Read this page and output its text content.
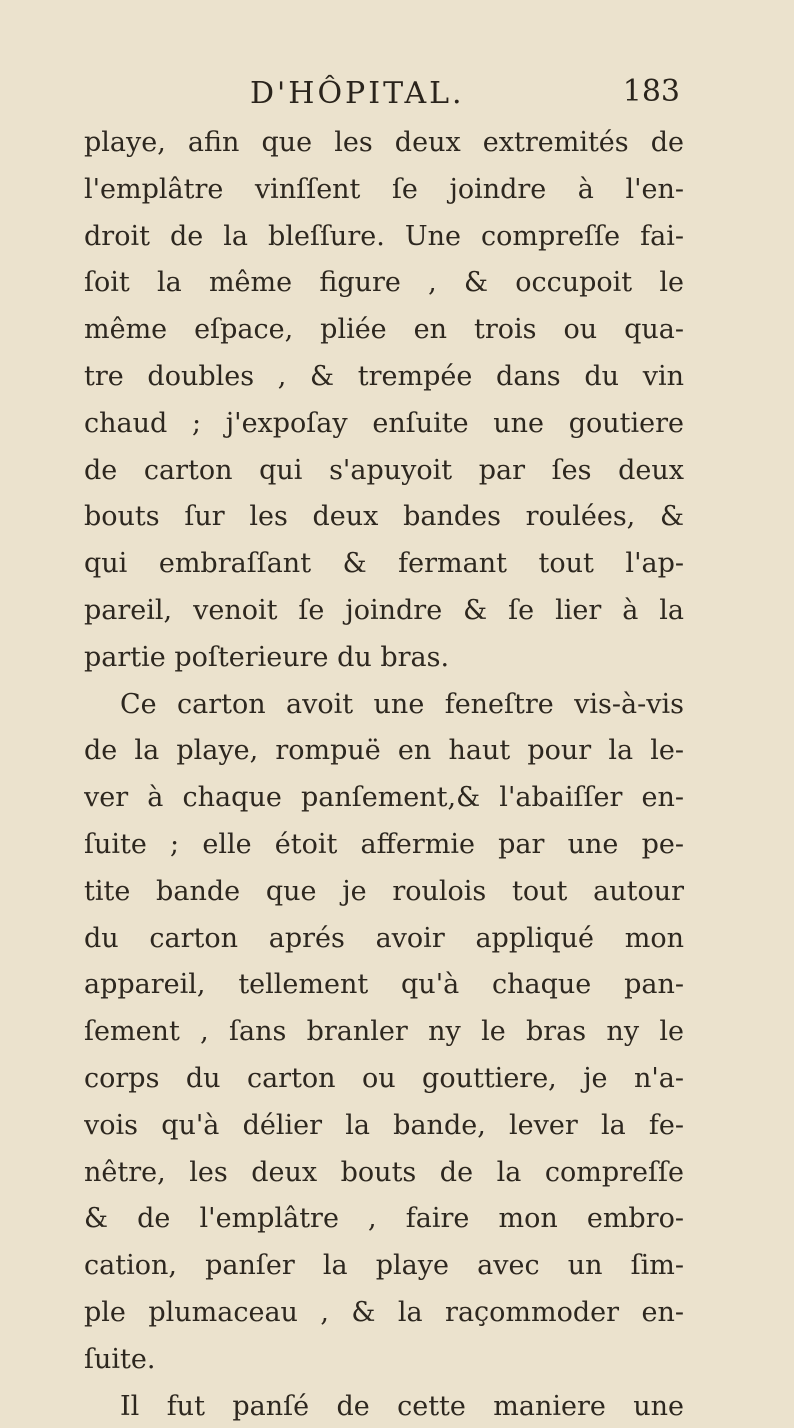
D'HÔPITAL.	183
playe, afin que les deux extremités de
l'emplâtre vinſſent ſe joindre à l'en-
droit de la bleſſure. Une compreſſe fai-
ſoit la même figure , & occupoit le
même eſpace, pliée en trois ou qua-
tre doubles , & trempée dans du vin
chaud ; j'expoſay enſuite une goutiere
de carton qui s'apuyoit par ſes deux
bouts ſur les deux bandes roulées, &
qui embraſſant & fermant tout l'ap-
pareil, venoit ſe joindre & ſe lier à la
partie poſterieure du bras.
Ce carton avoit une feneſtre vis-à-vis
de la playe, rompuë en haut pour la le-
ver à chaque panſement,& l'abaiſſer en-
ſuite ; elle étoit affermie par une pe-
tite bande que je roulois tout autour
du carton aprés avoir appliqué mon
appareil, tellement qu'à chaque pan-
ſement , ſans branler ny le bras ny le
corps du carton ou gouttiere, je n'a-
vois qu'à délier la bande, lever la fe-
nêtre, les deux bouts de la compreſſe
& de l'emplâtre , faire mon embro-
cation, panſer la playe avec un ſim-
ple plumaceau , & la raçommoder en-
ſuite.
Il fut panſé de cette maniere une
